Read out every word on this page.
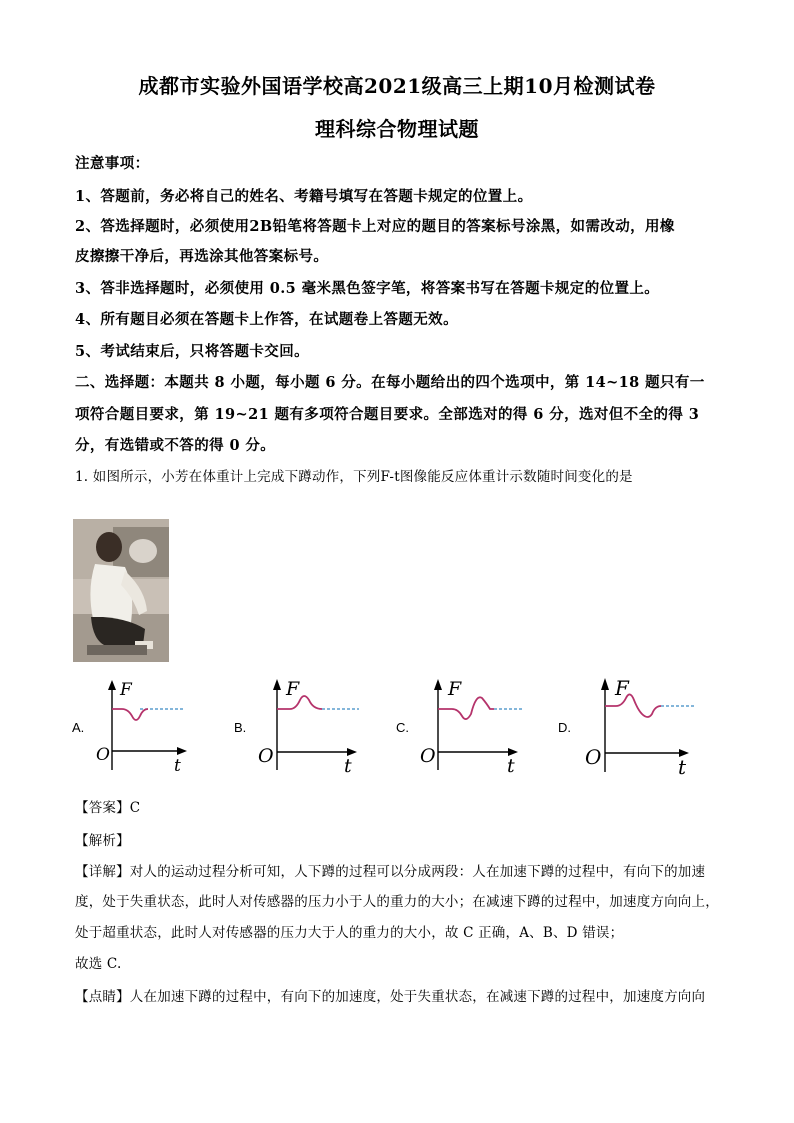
成都市实验外国语学校高2021级高三上期10月检测试卷
理科综合物理试题
注意事项：
1、答题前，务必将自己的姓名、考籍号填写在答题卡规定的位置上。
2、答选择题时，必须使用2B铅笔将答题卡上对应的题目的答案标号涂黑，如需改动，用橡
皮擦擦干净后，再选涂其他答案标号。
3、答非选择题时，必须使用 0.5 毫米黑色签字笔，将答案书写在答题卡规定的位置上。
4、所有题目必须在答题卡上作答，在试题卷上答题无效。
5、考试结束后，只将答题卡交回。
二、选择题：本题共 8 小题，每小题 6 分。在每小题给出的四个选项中，第 14~18 题只有一
项符合题目要求，第 19~21 题有多项符合题目要求。全部选对的得 6 分，选对但不全的得 3
分，有选错或不答的得 0 分。
1. 如图所示，小芳在体重计上完成下蹲动作，下列F-t图像能反应体重计示数随时间变化的是
A.
F
O
t
B.
F
O	t
C.
F
O	t
D.
F
O	t
【答案】C
【解析】
【详解】对人的运动过程分析可知，人下蹲的过程可以分成两段：人在加速下蹲的过程中，有向下的加速
度，处于失重状态，此时人对传感器的压力小于人的重力的大小；在减速下蹲的过程中，加速度方向向上，
处于超重状态，此时人对传感器的压力大于人的重力的大小，故 C 正确，A、B、D 错误；
故选 C.
【点睛】人在加速下蹲的过程中，有向下的加速度，处于失重状态，在减速下蹲的过程中，加速度方向向
